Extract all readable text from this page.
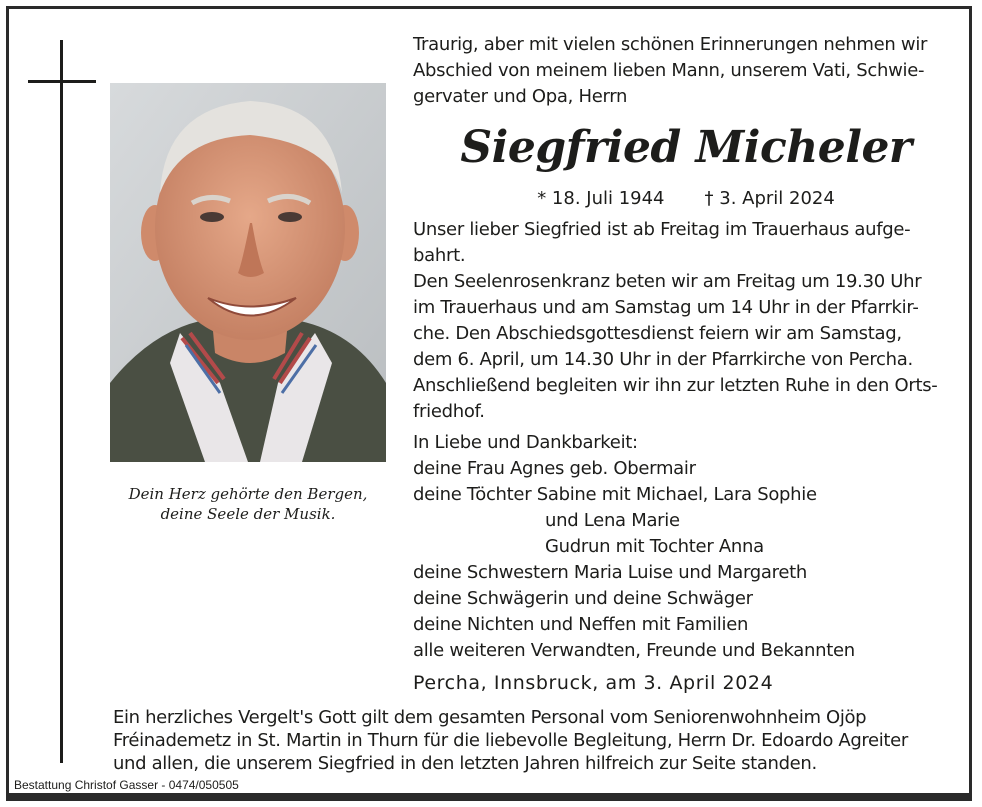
Dein Herz gehörte den Bergen,
deine Seele der Musik.
Traurig, aber mit vielen schönen Erinnerungen nehmen wir
Abschied von meinem lieben Mann, unserem Vati, Schwie-
gervater und Opa, Herrn
Siegfried Micheler
* 18. Juli 1944 † 3. April 2024
Unser lieber Siegfried ist ab Freitag im Trauerhaus aufge-
bahrt.
Den Seelenrosenkranz beten wir am Freitag um 19.30 Uhr
im Trauerhaus und am Samstag um 14 Uhr in der Pfarrkir-
che. Den Abschiedsgottesdienst feiern wir am Samstag,
dem 6. April, um 14.30 Uhr in der Pfarrkirche von Percha.
Anschließend begleiten wir ihn zur letzten Ruhe in den Orts-
friedhof.
In Liebe und Dankbarkeit:
deine Frau Agnes geb. Obermair
deine Töchter Sabine mit Michael, Lara Sophie
und Lena Marie
Gudrun mit Tochter Anna
deine Schwestern Maria Luise und Margareth
deine Schwägerin und deine Schwäger
deine Nichten und Neffen mit Familien
alle weiteren Verwandten, Freunde und Bekannten
Percha, Innsbruck, am 3. April 2024
Ein herzliches Vergelt's Gott gilt dem gesamten Personal vom Seniorenwohnheim Ojöp
Fréinademetz in St. Martin in Thurn für die liebevolle Begleitung, Herrn Dr. Edoardo Agreiter
und allen, die unserem Siegfried in den letzten Jahren hilfreich zur Seite standen.
Bestattung Christof Gasser - 0474/050505
